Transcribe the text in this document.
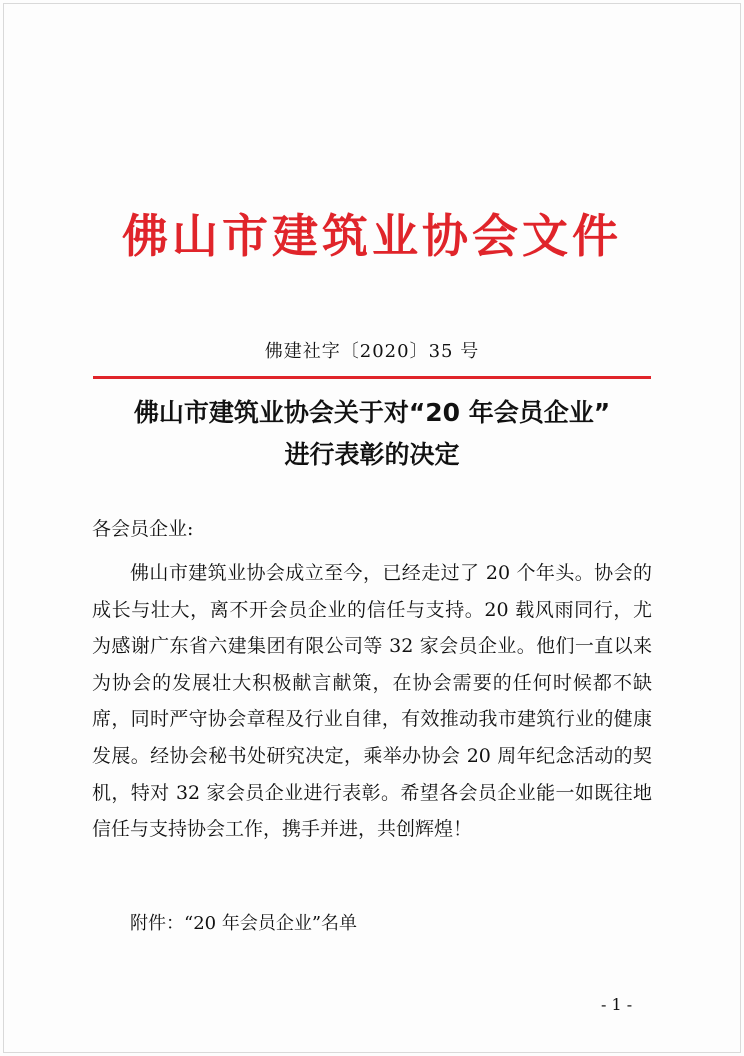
佛山市建筑业协会文件
佛建社字〔2020〕35 号
佛山市建筑业协会关于对“20 年会员企业”
进行表彰的决定
各会员企业:

佛山市建筑业协会成立至今，已经走过了 20 个年头。协会的成长与壮大，离不开会员企业的信任与支持。20 载风雨同行，尤为感谢广东省六建集团有限公司等 32 家会员企业。他们一直以来为协会的发展壮大积极献言献策，在协会需要的任何时候都不缺席，同时严守协会章程及行业自律，有效推动我市建筑行业的健康发展。经协会秘书处研究决定，乘举办协会 20 周年纪念活动的契机，特对 32 家会员企业进行表彰。希望各会员企业能一如既往地信任与支持协会工作，携手并进，共创辉煌！

附件：“20 年会员企业”名单
- 1 -
